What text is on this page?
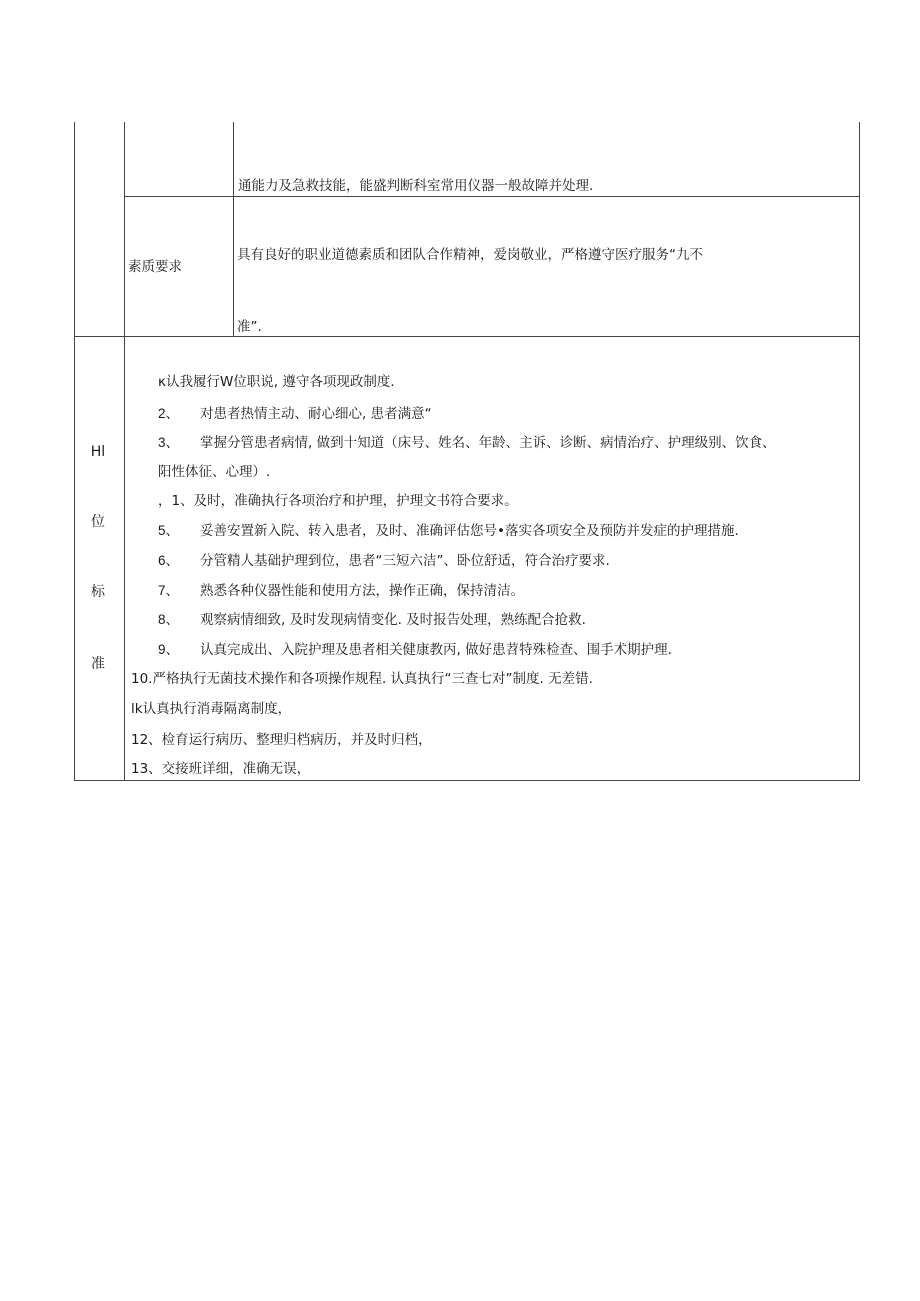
通能力及急救技能，能盛判断科室常用仪器一般故障并处理.
素质要求
具有良好的职业道德素质和团队合作精神，爱岗敬业，严格遵守医疗服务“九不
准”.
Hl
位
标
准
κ认我履行W位职说, 遵守各项现政制度.
2、 对患者热情主动、耐心细心, 患者满意“
3、 掌握分管患者病情, 做到十知道（床号、姓名、年龄、主诉、诊断、病情治疗、护理级别、饮食、
阳性体征、心理）.
，1、及时，准确执行各项治疗和护理，护理文书符合要求。
5、 妥善安置新入院、转入患者，及时、准确评估您号•落实各项安全及预防并发症的护理措施.
6、 分管精人基础护理到位，患者“三短六洁”、卧位舒适，符合治疗要求.
7、 熟悉各种仪器性能和使用方法，操作正确，保持清洁。
8、 观察病情细致, 及时发现病情变化. 及时报告处理，熟练配合抢救.
9、 认真完成出、入院护理及患者相关健康教丙, 做好患苕特殊检查、围手术期护理.
10.严格执行无菌技术操作和各项操作规程. 认真执行“三查七对”制度. 无差错.
lk认真执行消毒隔离制度，
12、检育运行病历、整理归档病历，并及时归档，
13、交接班详细，准确无误，
